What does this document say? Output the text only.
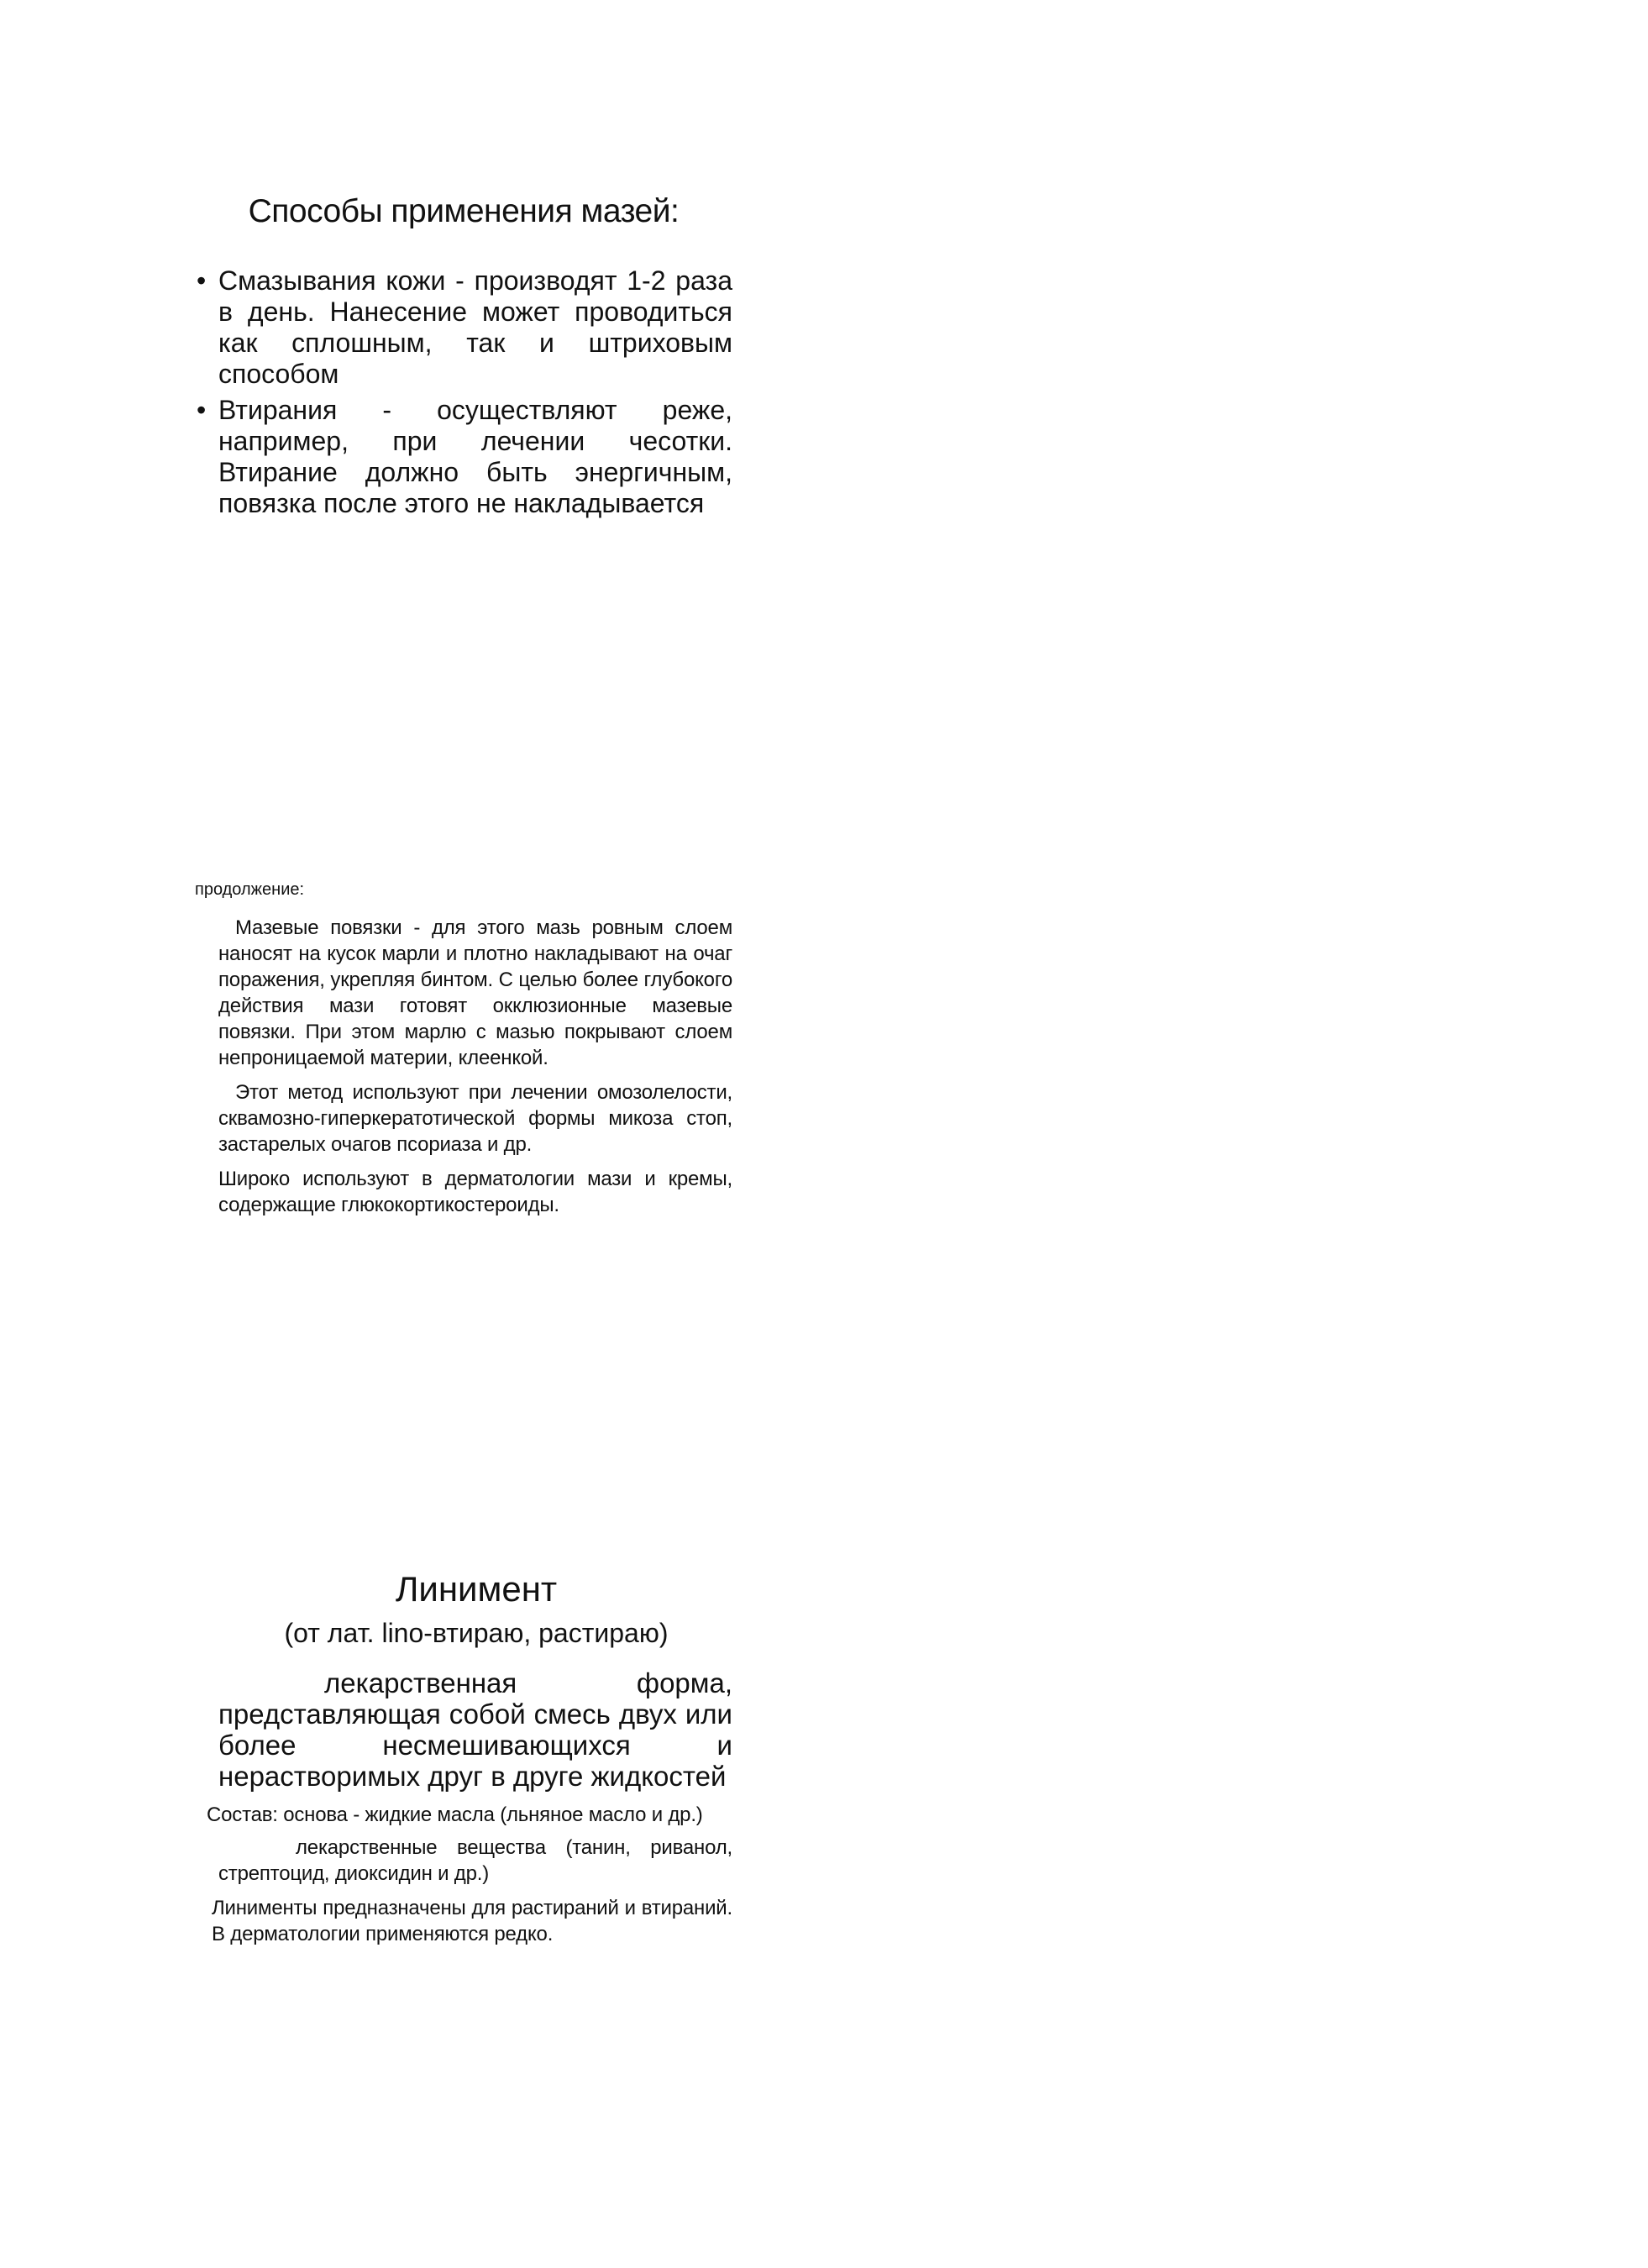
Способы применения мазей:
• Смазывания кожи - производят 1-2 раза в день. Нанесение может проводиться как сплошным, так и штриховым способом
• Втирания - осуществляют реже, например, при лечении чесотки. Втирание должно быть энергичным, повязка после этого не накладывается

продолжение:

Мазевые повязки - для этого мазь ровным слоем наносят на кусок марли и плотно накладывают на очаг поражения, укрепляя бинтом. С целью более глубокого действия мази готовят окклюзионные мазевые повязки. При этом марлю с мазью покрывают слоем непроницаемой материи, клеенкой.

Этот метод используют при лечении омозолелости, сквамозно-гиперкератотической формы микоза стоп, застарелых очагов псориаза и др.

Широко используют в дерматологии мази и кремы, содержащие глюкокортикостероиды.

Линимент

(от лат. lino-втираю, растираю)

лекарственная форма, представляющая собой смесь двух или более несмешивающихся и нерастворимых друг в друге жидкостей

Состав: основа - жидкие масла (льняное масло и др.)

лекарственные вещества (танин, риванол, стрептоцид, диоксидин и др.)

Линименты предназначены для растираний и втираний. В дерматологии применяются редко.
